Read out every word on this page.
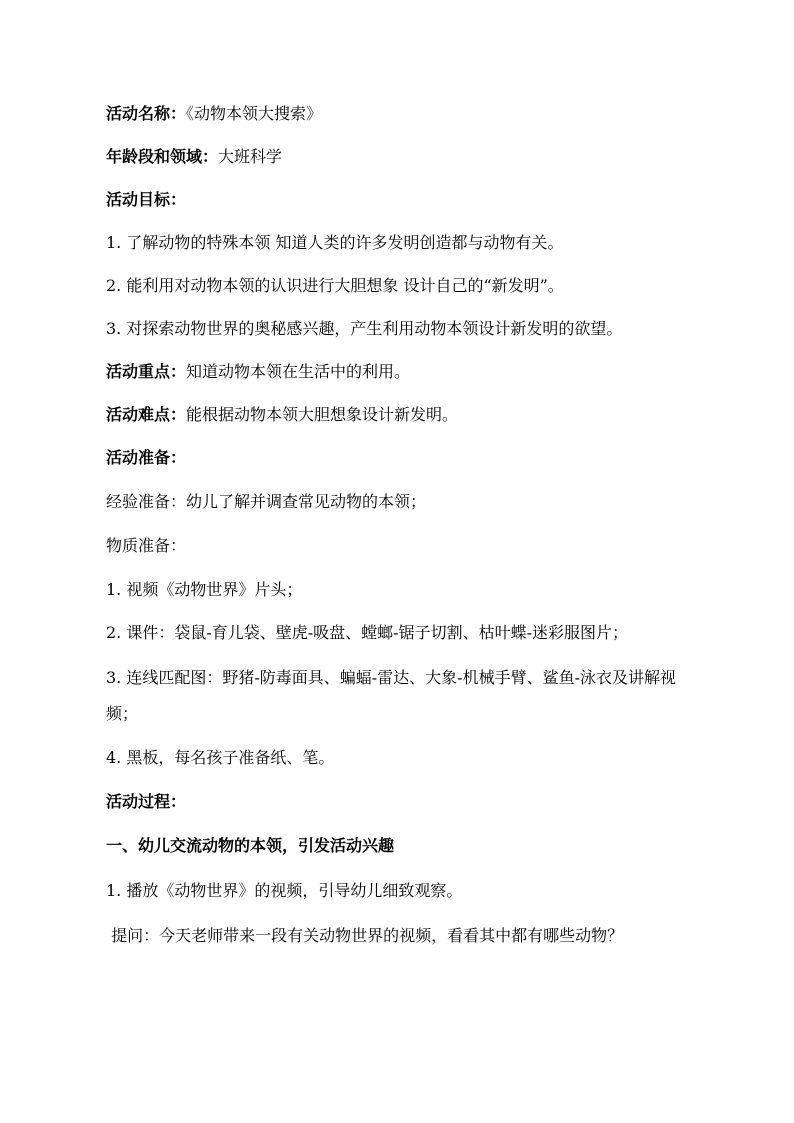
活动名称：《动物本领大搜索》

年龄段和领域：大班科学

活动目标：

1. 了解动物的特殊本领 知道人类的许多发明创造都与动物有关。

2. 能利用对动物本领的认识进行大胆想象 设计自己的“新发明”。

3. 对探索动物世界的奥秘感兴趣，产生利用动物本领设计新发明的欲望。

活动重点：知道动物本领在生活中的利用。

活动难点：能根据动物本领大胆想象设计新发明。

活动准备：

经验准备：幼儿了解并调查常见动物的本领；

物质准备：

1. 视频《动物世界》片头；

2. 课件：袋鼠-育儿袋、壁虎-吸盘、螳螂-锯子切割、枯叶蝶-迷彩服图片；

3. 连线匹配图：野猪-防毒面具、蝙蝠-雷达、大象-机械手臂、鲨鱼-泳衣及讲解视频；

4. 黑板，每名孩子准备纸、笔。

活动过程：

一、幼儿交流动物的本领，引发活动兴趣

1. 播放《动物世界》的视频，引导幼儿细致观察。

提问：今天老师带来一段有关动物世界的视频，看看其中都有哪些动物？
